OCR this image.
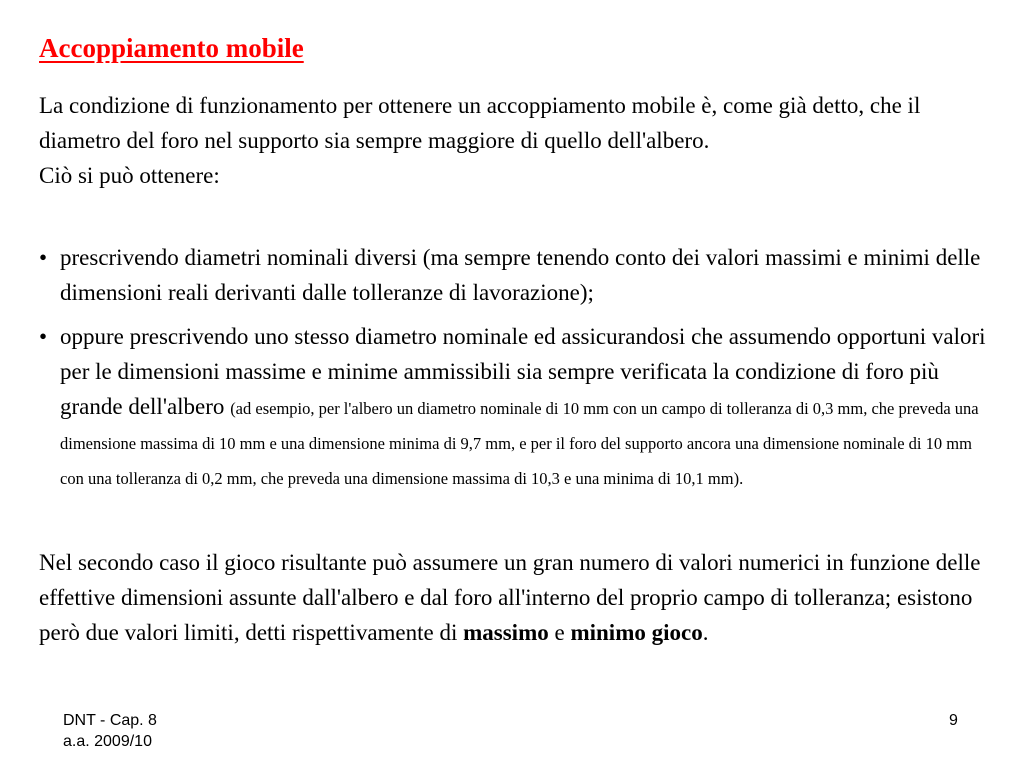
Accoppiamento mobile

La condizione di funzionamento per ottenere un accoppiamento mobile è, come già detto, che il diametro del foro nel supporto sia sempre maggiore di quello dell'albero.

Ciò si può ottenere:

• prescrivendo diametri nominali diversi (ma sempre tenendo conto dei valori massimi e minimi delle dimensioni reali derivanti dalle tolleranze di lavorazione);
• oppure prescrivendo uno stesso diametro nominale ed assicurandosi che assumendo opportuni valori per le dimensioni massime e minime ammissibili sia sempre verificata la condizione di foro più grande dell'albero (ad esempio, per l'albero un diametro nominale di 10 mm con un campo di tolleranza di 0,3 mm, che preveda una dimensione massima di 10 mm e una dimensione minima di 9,7 mm, e per il foro del supporto ancora una dimensione nominale di 10 mm con una tolleranza di 0,2 mm, che preveda una dimensione massima di 10,3 e una minima di 10,1 mm).

Nel secondo caso il gioco risultante può assumere un gran numero di valori numerici in funzione delle effettive dimensioni assunte dall'albero e dal foro all'interno del proprio campo di tolleranza; esistono però due valori limiti, detti rispettivamente di massimo e minimo gioco.

DNT - Cap. 8
a.a. 2009/10
9
